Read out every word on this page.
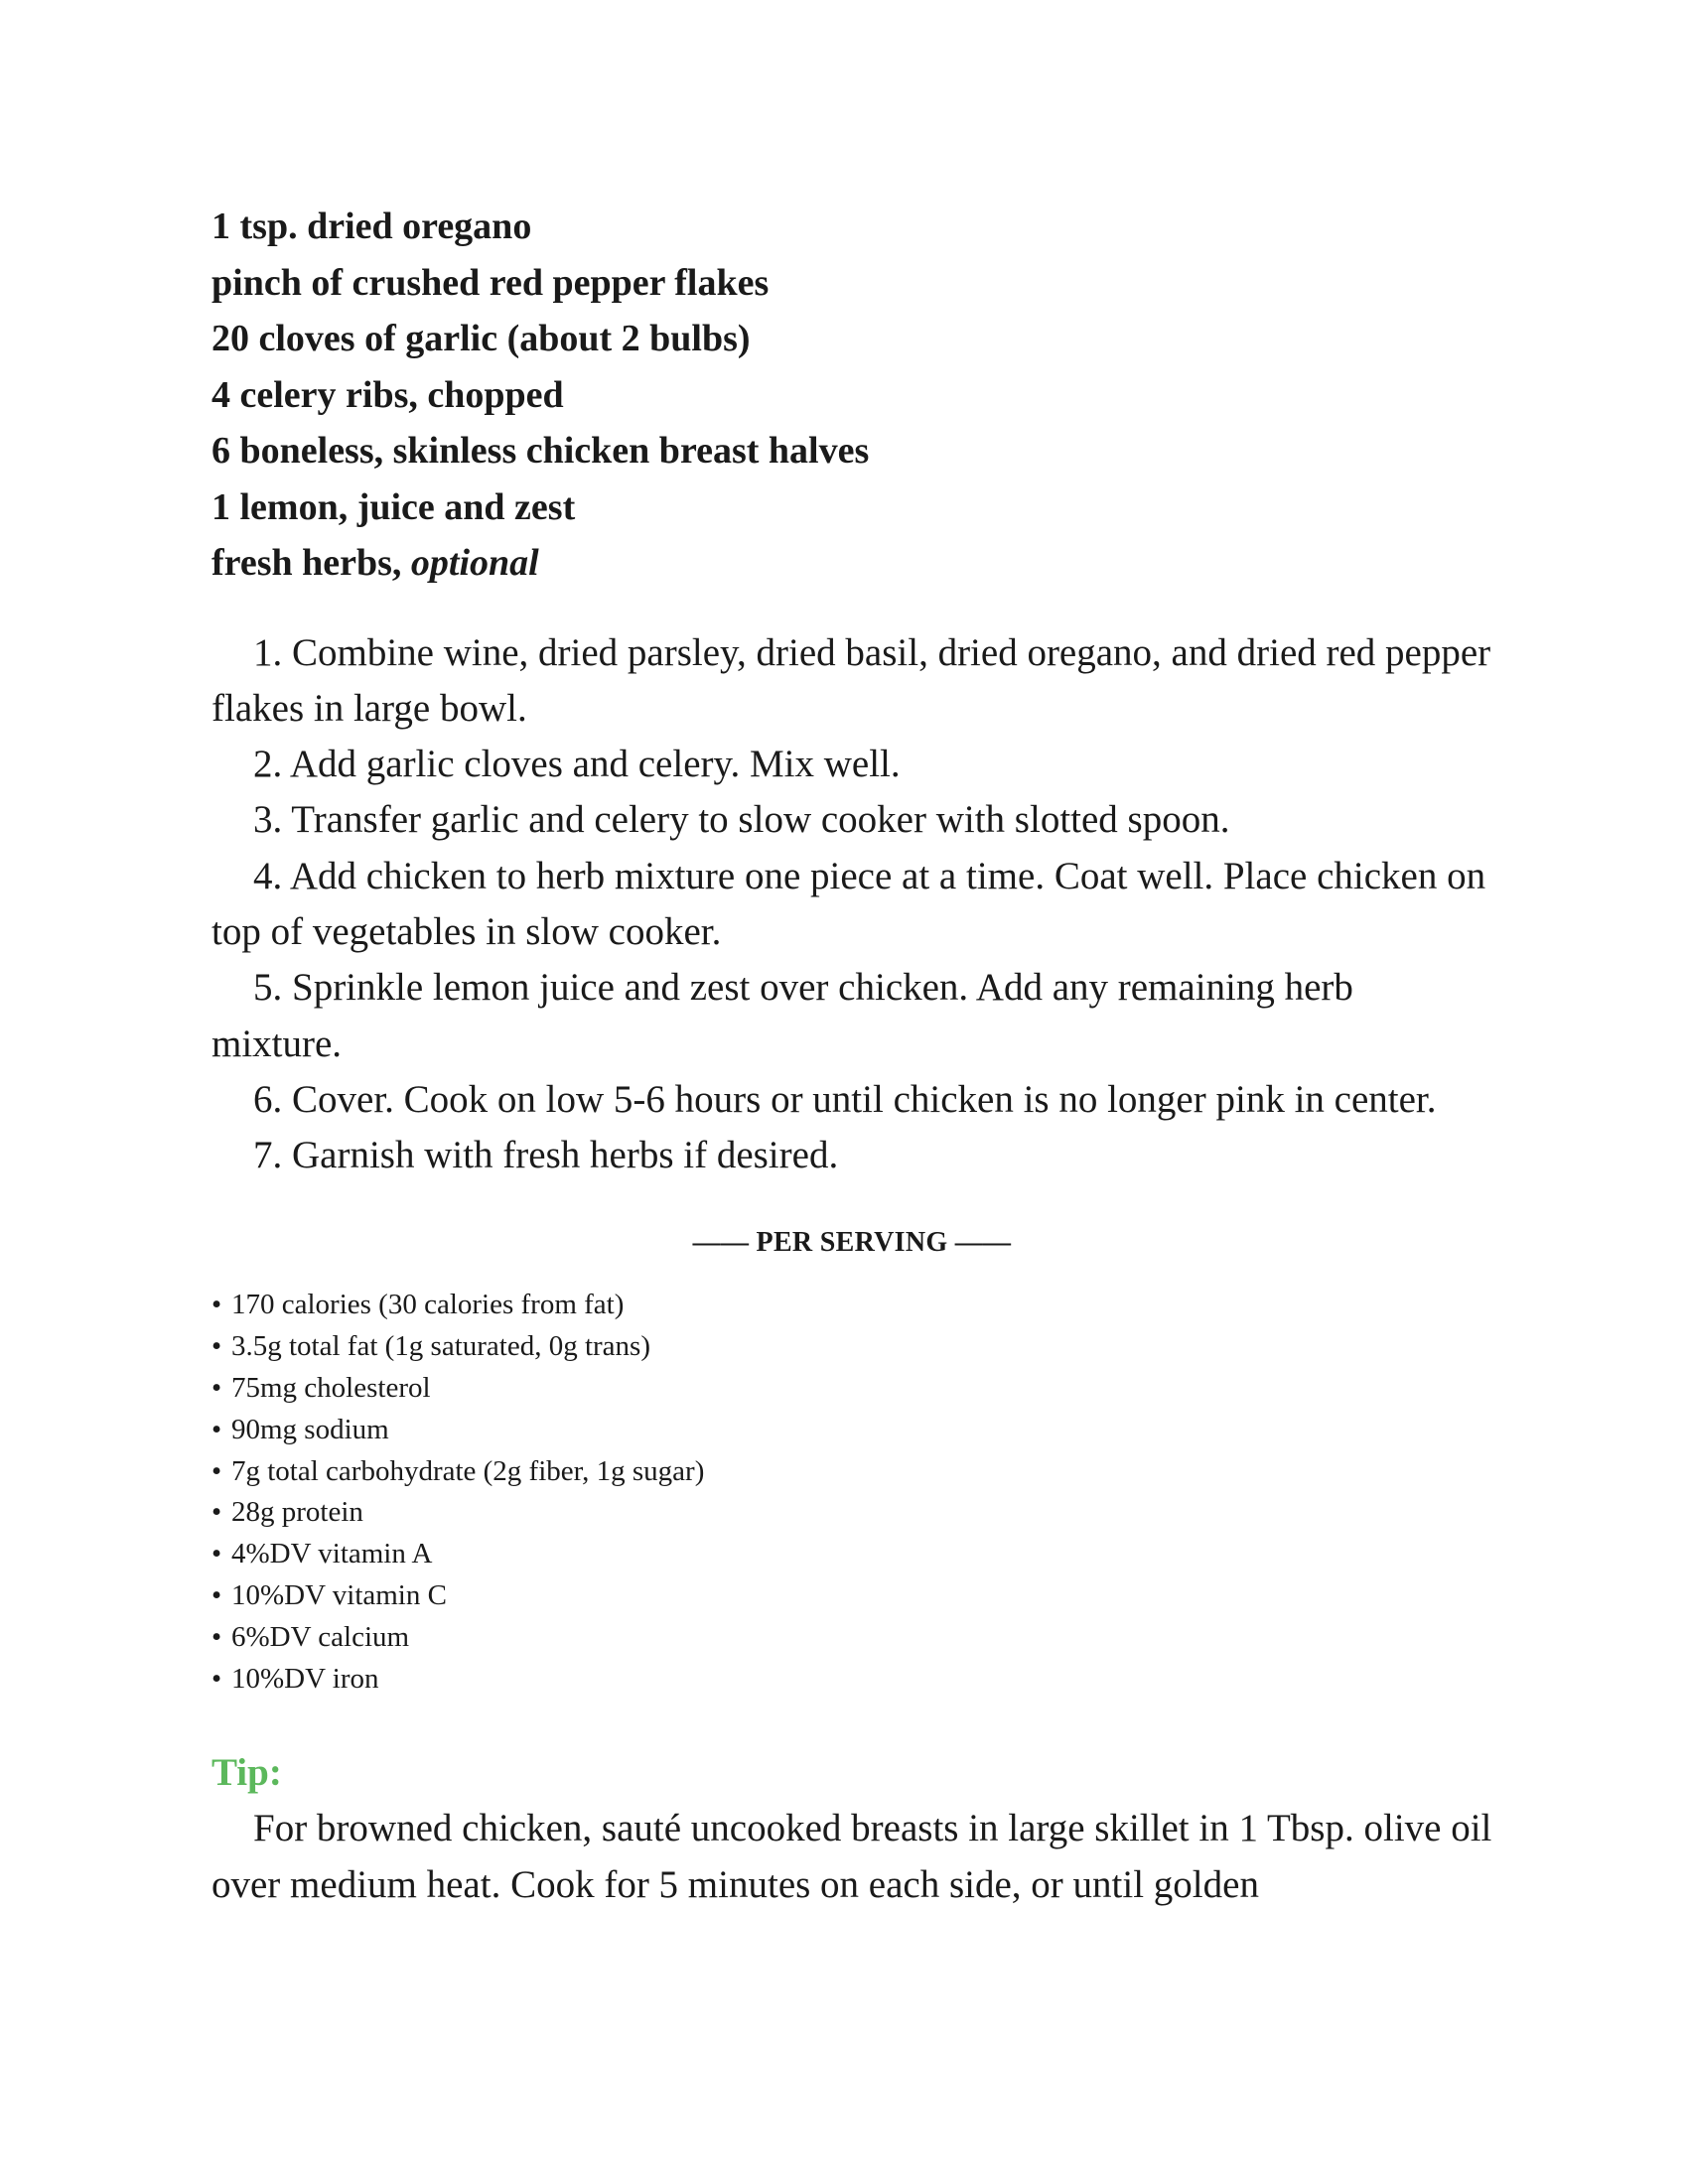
1 tsp. dried oregano
pinch of crushed red pepper flakes
20 cloves of garlic (about 2 bulbs)
4 celery ribs, chopped
6 boneless, skinless chicken breast halves
1 lemon, juice and zest
fresh herbs, optional
1. Combine wine, dried parsley, dried basil, dried oregano, and dried red pepper flakes in large bowl.
2. Add garlic cloves and celery. Mix well.
3. Transfer garlic and celery to slow cooker with slotted spoon.
4. Add chicken to herb mixture one piece at a time. Coat well. Place chicken on top of vegetables in slow cooker.
5. Sprinkle lemon juice and zest over chicken. Add any remaining herb mixture.
6. Cover. Cook on low 5-6 hours or until chicken is no longer pink in center.
7. Garnish with fresh herbs if desired.
—— PER SERVING ——
• 170 calories (30 calories from fat)
• 3.5g total fat (1g saturated, 0g trans)
• 75mg cholesterol
• 90mg sodium
• 7g total carbohydrate (2g fiber, 1g sugar)
• 28g protein
• 4%DV vitamin A
• 10%DV vitamin C
• 6%DV calcium
• 10%DV iron
Tip:

For browned chicken, sauté uncooked breasts in large skillet in 1 Tbsp. olive oil over medium heat. Cook for 5 minutes on each side, or until golden
